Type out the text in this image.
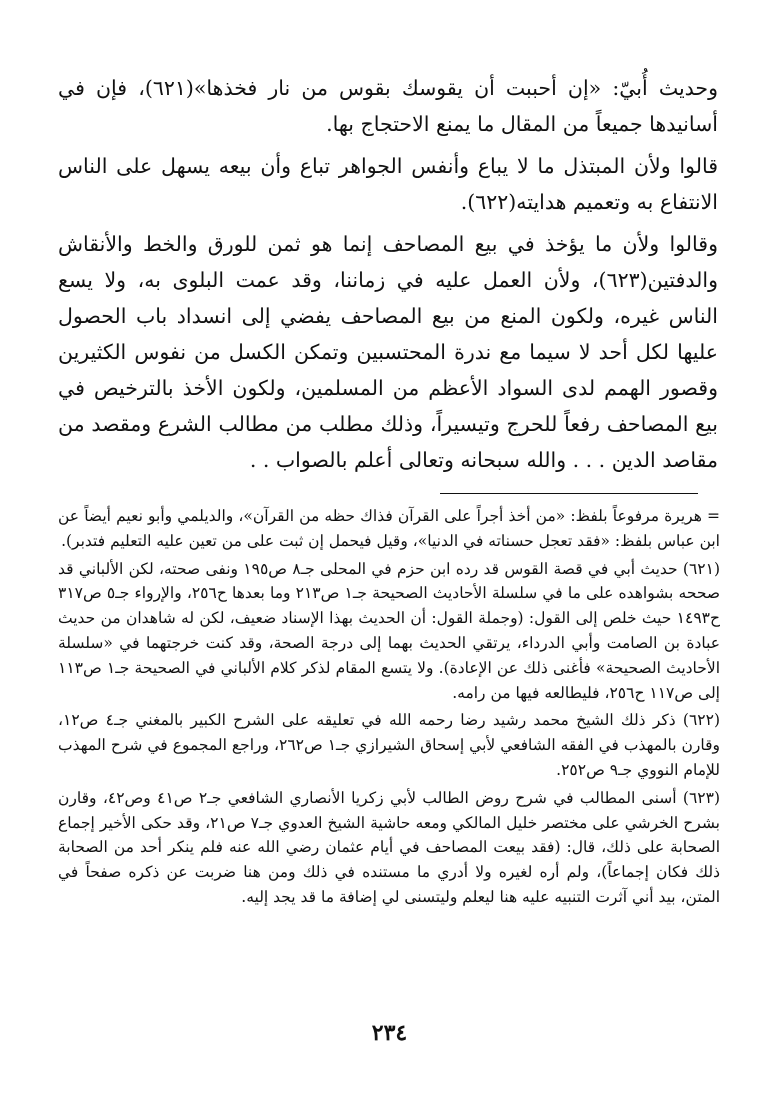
وحديث أُبيّ: «إن أحببت أن يقوسك بقوس من نار فخذها»(٦٢١)، فإن في أسانيدها جميعاً من المقال ما يمنع الاحتجاج بها.

قالوا ولأن المبتذل ما لا يباع وأنفس الجواهر تباع وأن بيعه يسهل على الناس الانتفاع به وتعميم هدايته(٦٢٢).

وقالوا ولأن ما يؤخذ في بيع المصاحف إنما هو ثمن للورق والخط والأنقاش والدفتين(٦٢٣)، ولأن العمل عليه في زماننا، وقد عمت البلوى به، ولا يسع الناس غيره، ولكون المنع من بيع المصاحف يفضي إلى انسداد باب الحصول عليها لكل أحد لا سيما مع ندرة المحتسبين وتمكن الكسل من نفوس الكثيرين وقصور الهمم لدى السواد الأعظم من المسلمين، ولكون الأخذ بالترخيص في بيع المصاحف رفعاً للحرج وتيسيراً، وذلك مطلب من مطالب الشرع ومقصد من مقاصد الدين . . . والله سبحانه وتعالى أعلم بالصواب . .

= هريرة مرفوعاً بلفظ: «من أخذ أجراً على القرآن فذاك حظه من القرآن»، والديلمي وأبو نعيم أيضاً عن ابن عباس بلفظ: «فقد تعجل حسناته في الدنيا»، وقيل فيحمل إن ثبت على من تعين عليه التعليم فتدبر).

(٦٢١) حديث أبي في قصة القوس قد رده ابن حزم في المحلى جـ٨ ص١٩٥ ونفى صحته، لكن الألباني قد صححه بشواهده على ما في سلسلة الأحاديث الصحيحة جـ١ ص٢١٣ وما بعدها ح٢٥٦، والإرواء جـ٥ ص٣١٧ ح١٤٩٣ حيث خلص إلى القول: (وجملة القول: أن الحديث بهذا الإسناد ضعيف، لكن له شاهدان من حديث عبادة بن الصامت وأبي الدرداء، يرتقي الحديث بهما إلى درجة الصحة، وقد كنت خرجتهما في «سلسلة الأحاديث الصحيحة» فأغنى ذلك عن الإعادة). ولا يتسع المقام لذكر كلام الألباني في الصحيحة جـ١ ص١١٣ إلى ص١١٧ ح٢٥٦، فليطالعه فيها من رامه.

(٦٢٢) ذكر ذلك الشيخ محمد رشيد رضا رحمه الله في تعليقه على الشرح الكبير بالمغني جـ٤ ص١٢، وقارن بالمهذب في الفقه الشافعي لأبي إسحاق الشيرازي جـ١ ص٢٦٢، وراجع المجموع في شرح المهذب للإمام النووي جـ٩ ص٢٥٢.

(٦٢٣) أسنى المطالب في شرح روض الطالب لأبي زكريا الأنصاري الشافعي جـ٢ ص٤١ وص٤٢، وقارن بشرح الخرشي على مختصر خليل المالكي ومعه حاشية الشيخ العدوي جـ٧ ص٢١، وقد حكى الأخير إجماع الصحابة على ذلك، قال: (فقد بيعت المصاحف في أيام عثمان رضي الله عنه فلم ينكر أحد من الصحابة ذلك فكان إجماعاً)، ولم أره لغيره ولا أدري ما مستنده في ذلك ومن هنا ضربت عن ذكره صفحاً في المتن، بيد أني آثرت التنبيه عليه هنا ليعلم وليتسنى لي إضافة ما قد يجد إليه.

٢٣٤
